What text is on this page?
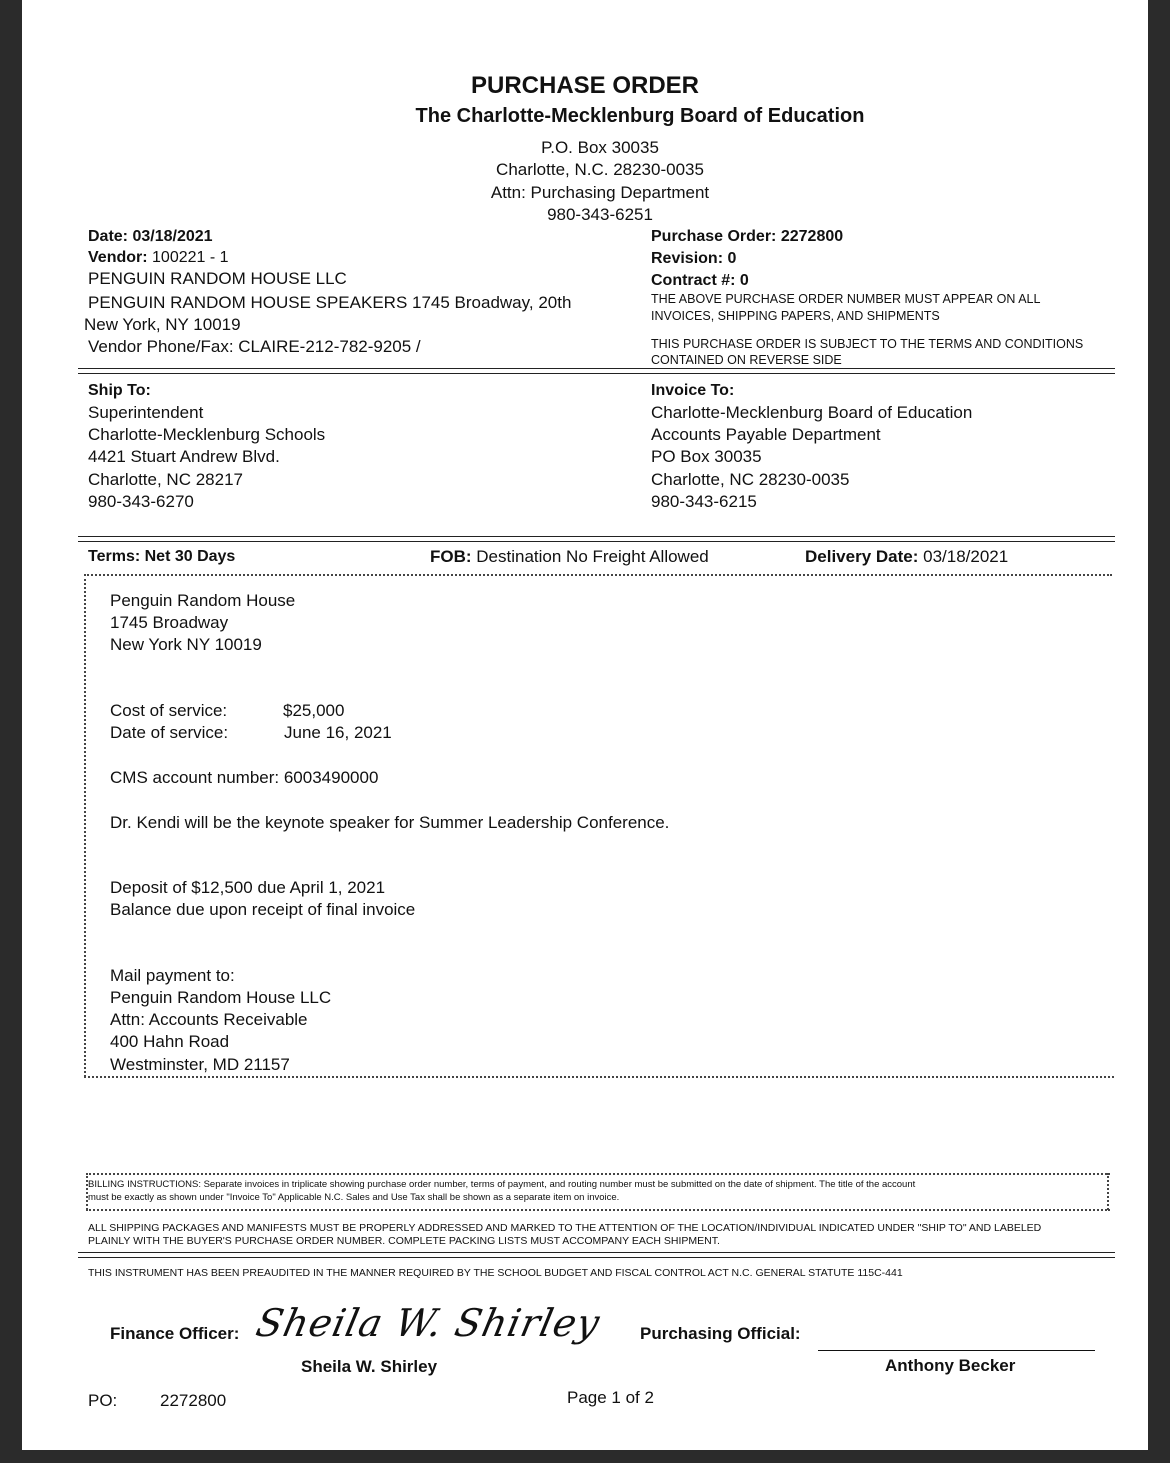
PURCHASE ORDER
The Charlotte-Mecklenburg Board of Education
P.O. Box 30035
Charlotte, N.C. 28230-0035
Attn: Purchasing Department
980-343-6251
Date: 03/18/2021
Vendor: 100221 - 1
PENGUIN RANDOM HOUSE LLC
PENGUIN RANDOM HOUSE SPEAKERS 1745 Broadway, 20th
New York, NY 10019
Vendor Phone/Fax: CLAIRE-212-782-9205 /
Purchase Order: 2272800
Revision: 0
Contract #: 0
THE ABOVE PURCHASE ORDER NUMBER MUST APPEAR ON ALL
INVOICES, SHIPPING PAPERS, AND SHIPMENTS
THIS PURCHASE ORDER IS SUBJECT TO THE TERMS AND CONDITIONS
CONTAINED ON REVERSE SIDE
Ship To:
Superintendent
Charlotte-Mecklenburg Schools
4421 Stuart Andrew Blvd.
Charlotte, NC 28217
980-343-6270
Invoice To:
Charlotte-Mecklenburg Board of Education
Accounts Payable Department
PO Box 30035
Charlotte, NC 28230-0035
980-343-6215
Terms: Net 30 Days	FOB: Destination No Freight Allowed	Delivery Date: 03/18/2021
Penguin Random House
1745 Broadway
New York NY 10019
Cost of service:	$25,000
Date of service:	June 16, 2021
CMS account number: 6003490000
Dr. Kendi will be the keynote speaker for Summer Leadership Conference.
Deposit of $12,500 due April 1, 2021
Balance due upon receipt of final invoice
Mail payment to:
Penguin Random House LLC
Attn: Accounts Receivable
400 Hahn Road
Westminster, MD 21157
BILLING INSTRUCTIONS: Separate invoices in triplicate showing purchase order number, terms of payment, and routing number must be submitted on the date of shipment. The title of the account
must be exactly as shown under "Invoice To" Applicable N.C. Sales and Use Tax shall be shown as a separate item on invoice.
ALL SHIPPING PACKAGES AND MANIFESTS MUST BE PROPERLY ADDRESSED AND MARKED TO THE ATTENTION OF THE LOCATION/INDIVIDUAL INDICATED UNDER "SHIP TO" AND LABELED
PLAINLY WITH THE BUYER'S PURCHASE ORDER NUMBER. COMPLETE PACKING LISTS MUST ACCOMPANY EACH SHIPMENT.
THIS INSTRUMENT HAS BEEN PREAUDITED IN THE MANNER REQUIRED BY THE SCHOOL BUDGET AND FISCAL CONTROL ACT N.C. GENERAL STATUTE 115C-441
Finance Officer: Sheila W. Shirley
Sheila W. Shirley
Purchasing Official:
Anthony Becker
PO:	2272800	Page 1 of 2
